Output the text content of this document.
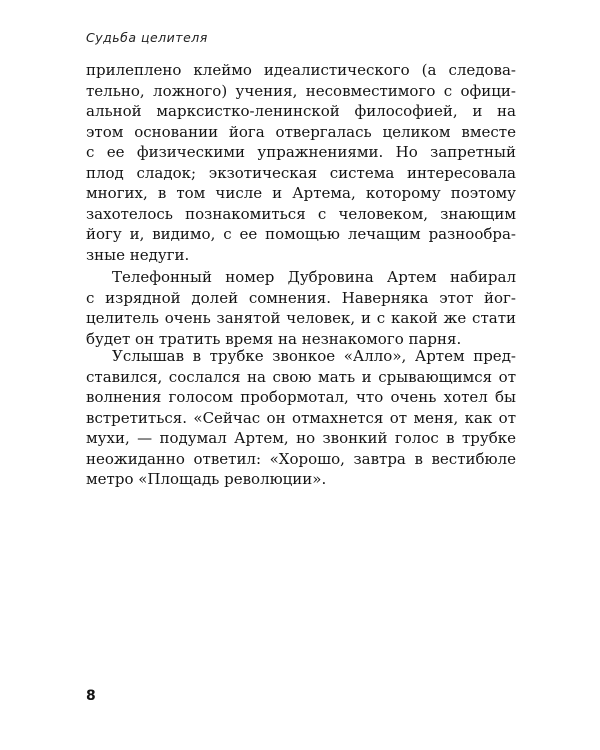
Судьба целителя
прилеплено клеймо идеалистического (а следова-
тельно, ложного) учения, несовместимого с офици-
альной марксистко-ленинской философией, и на
этом основании йога отвергалась целиком вместе
с ее физическими упражнениями. Но запретный
плод сладок; экзотическая система интересовала
многих, в том числе и Артема, которому поэтому
захотелось познакомиться с человеком, знающим
йогу и, видимо, с ее помощью лечащим разнообра-
зные недуги.
Телефонный номер Дубровина Артем набирал
с изрядной долей сомнения. Наверняка этот йог-
целитель очень занятой человек, и с какой же стати
будет он тратить время на незнакомого парня.
Услышав в трубке звонкое «Алло», Артем пред-
ставился, сослался на свою мать и срывающимся от
волнения голосом пробормотал, что очень хотел бы
встретиться. «Сейчас он отмахнется от меня, как от
мухи, — подумал Артем, но звонкий голос в трубке
неожиданно ответил: «Хорошо, завтра в вестибюле
метро «Площадь революции».
8
